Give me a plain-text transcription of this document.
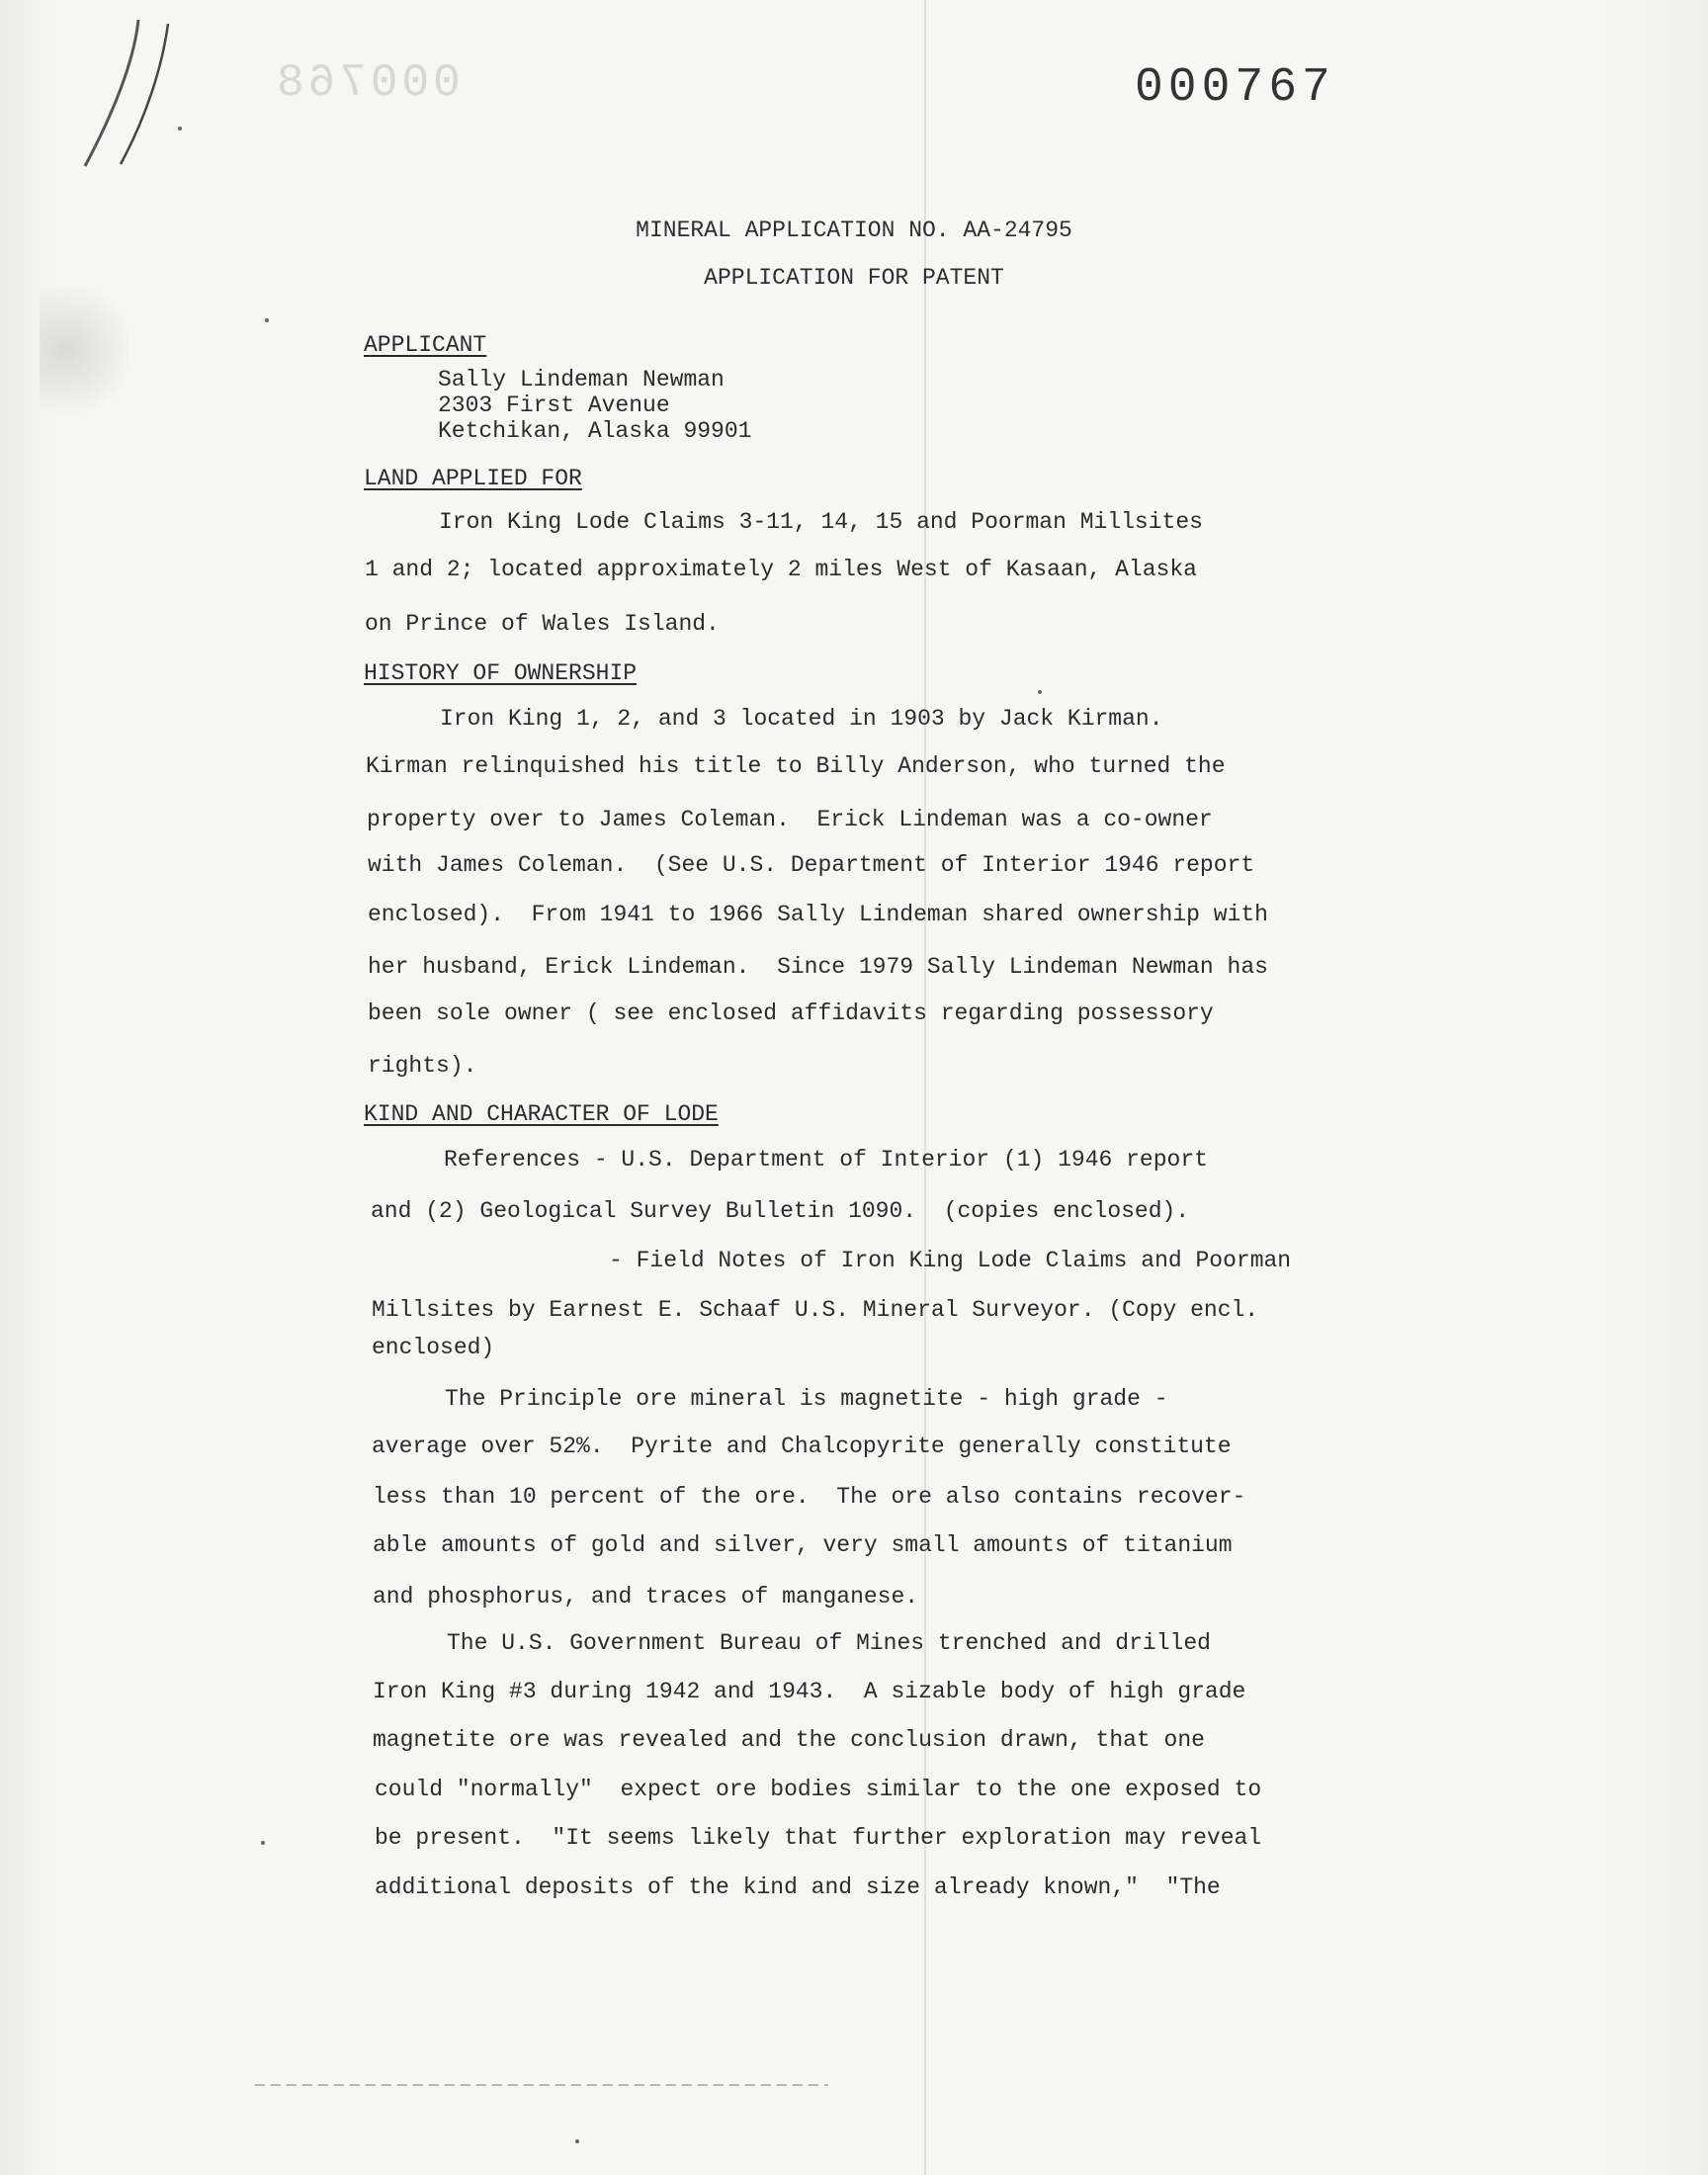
000768	000767
MINERAL APPLICATION NO. AA-24795
APPLICATION FOR PATENT
APPLICANT
Sally Lindeman Newman
2303 First Avenue
Ketchikan, Alaska 99901
LAND APPLIED FOR
Iron King Lode Claims 3-11, 14, 15 and Poorman Millsites
1 and 2; located approximately 2 miles West of Kasaan, Alaska
on Prince of Wales Island.
HISTORY OF OWNERSHIP
Iron King 1, 2, and 3 located in 1903 by Jack Kirman.
Kirman relinquished his title to Billy Anderson, who turned the
property over to James Coleman.  Erick Lindeman was a co-owner
with James Coleman.  (See U.S. Department of Interior 1946 report
enclosed).  From 1941 to 1966 Sally Lindeman shared ownership with
her husband, Erick Lindeman.  Since 1979 Sally Lindeman Newman has
been sole owner ( see enclosed affidavits regarding possessory
rights).
KIND AND CHARACTER OF LODE
References - U.S. Department of Interior (1) 1946 report
and (2) Geological Survey Bulletin 1090.  (copies enclosed).
- Field Notes of Iron King Lode Claims and Poorman
Millsites by Earnest E. Schaaf U.S. Mineral Surveyor. (Copy encl.
enclosed)
The Principle ore mineral is magnetite - high grade -
average over 52%.  Pyrite and Chalcopyrite generally constitute
less than 10 percent of the ore.  The ore also contains recover-
able amounts of gold and silver, very small amounts of titanium
and phosphorus, and traces of manganese.
The U.S. Government Bureau of Mines trenched and drilled
Iron King #3 during 1942 and 1943.  A sizable body of high grade
magnetite ore was revealed and the conclusion drawn, that one
could "normally"  expect ore bodies similar to the one exposed to
be present.  "It seems likely that further exploration may reveal
additional deposits of the kind and size already known,"  "The
